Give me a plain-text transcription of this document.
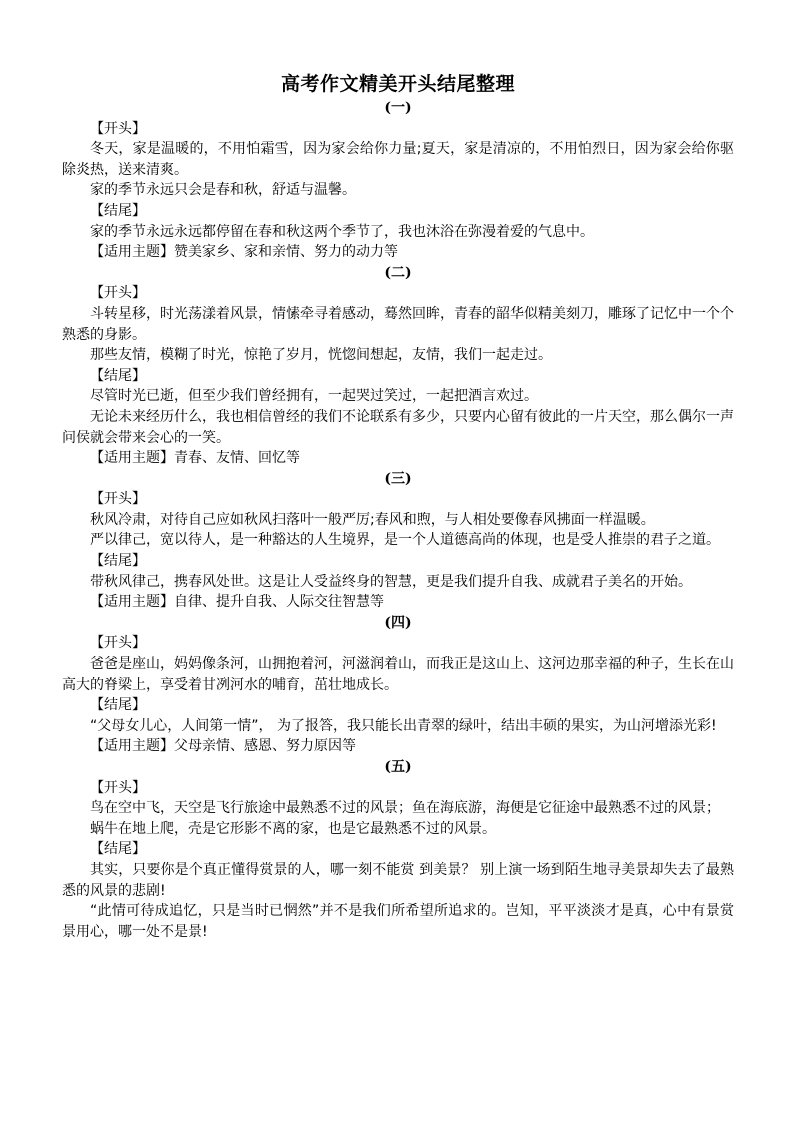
高考作文精美开头结尾整理

(一)

【开头】

冬天，家是温暖的，不用怕霜雪，因为家会给你力量;夏天，家是清凉的，不用怕烈日，因为家会给你驱除炎热，送来清爽。

家的季节永远只会是春和秋，舒适与温馨。

【结尾】

家的季节永远永远都停留在春和秋这两个季节了，我也沐浴在弥漫着爱的气息中。

【适用主题】赞美家乡、家和亲情、努力的动力等

(二)

【开头】

斗转星移，时光荡漾着风景，情愫牵寻着感动，蓦然回眸，青春的韶华似精美刻刀，雕琢了记忆中一个个熟悉的身影。

那些友情，模糊了时光，惊艳了岁月，恍惚间想起，友情，我们一起走过。

【结尾】

尽管时光已逝，但至少我们曾经拥有，一起哭过笑过，一起把酒言欢过。

无论未来经历什么，我也相信曾经的我们不论联系有多少，只要内心留有彼此的一片天空，那么偶尔一声问侯就会带来会心的一笑。

【适用主题】青春、友情、回忆等

(三)

【开头】

秋风冷肃，对待自己应如秋风扫落叶一般严厉;春风和煦，与人相处要像春风拂面一样温暖。

严以律己，宽以待人，是一种豁达的人生境界，是一个人道德高尚的体现，也是受人推崇的君子之道。

【结尾】

带秋风律己，携春风处世。这是让人受益终身的智慧，更是我们提升自我、成就君子美名的开始。

【适用主题】自律、提升自我、人际交往智慧等

(四)

【开头】

爸爸是座山，妈妈像条河，山拥抱着河，河滋润着山，而我正是这山上、这河边那幸福的种子，生长在山高大的脊梁上，享受着甘冽河水的哺育，茁壮地成长。

【结尾】

“父母女儿心，人间第一情”， 为了报答，我只能长出青翠的绿叶，结出丰硕的果实，为山河增添光彩!

【适用主题】父母亲情、感恩、努力原因等

(五)

【开头】

鸟在空中飞，天空是飞行旅途中最熟悉不过的风景；鱼在海底游，海便是它征途中最熟悉不过的风景；

蜗牛在地上爬，壳是它形影不离的家，也是它最熟悉不过的风景。

【结尾】

其实，只要你是个真正懂得赏景的人，哪一刻不能赏 到美景？ 别上演一场到陌生地寻美景却失去了最熟悉的风景的悲剧!

“此情可待成追忆，只是当时已惘然”并不是我们所希望所追求的。岂知，平平淡淡才是真，心中有景赏景用心，哪一处不是景!
